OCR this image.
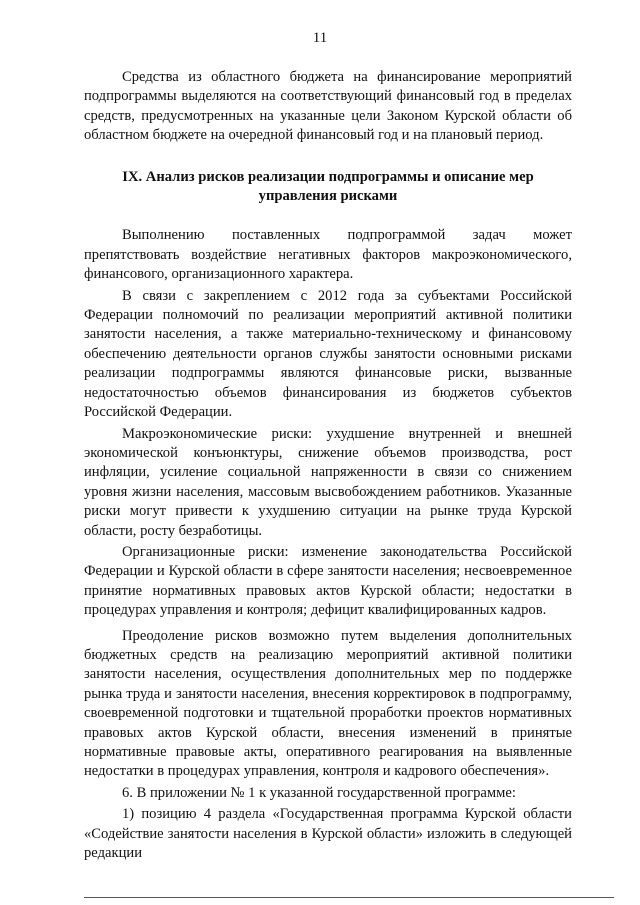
11

Средства из областного бюджета на финансирование мероприятий подпрограммы выделяются на соответствующий финансовый год в пределах средств, предусмотренных на указанные цели Законом Курской области об областном бюджете на очередной финансовый год и на плановый период.

IX. Анализ рисков реализации подпрограммы и описание мер управления рисками

Выполнению поставленных подпрограммой задач может препятствовать воздействие негативных факторов макроэкономического, финансового, организационного характера.

В связи с закреплением с 2012 года за субъектами Российской Федерации полномочий по реализации мероприятий активной политики занятости населения, а также материально-техническому и финансовому обеспечению деятельности органов службы занятости основными рисками реализации подпрограммы являются финансовые риски, вызванные недостаточностью объемов финансирования из бюджетов субъектов Российской Федерации.

Макроэкономические риски: ухудшение внутренней и внешней экономической конъюнктуры, снижение объемов производства, рост инфляции, усиление социальной напряженности в связи со снижением уровня жизни населения, массовым высвобождением работников. Указанные риски могут привести к ухудшению ситуации на рынке труда Курской области, росту безработицы.

Организационные риски: изменение законодательства Российской Федерации и Курской области в сфере занятости населения; несвоевременное принятие нормативных правовых актов Курской области; недостатки в процедурах управления и контроля; дефицит квалифицированных кадров.

Преодоление рисков возможно путем выделения дополнительных бюджетных средств на реализацию мероприятий активной политики занятости населения, осуществления дополнительных мер по поддержке рынка труда и занятости населения, внесения корректировок в подпрограмму, своевременной подготовки и тщательной проработки проектов нормативных правовых актов Курской области, внесения изменений в принятые нормативные правовые акты, оперативного реагирования на выявленные недостатки в процедурах управления, контроля и кадрового обеспечения».

6. В приложении № 1 к указанной государственной программе:

1) позицию 4 раздела «Государственная программа Курской области «Содействие занятости населения в Курской области» изложить в следующей редакции
